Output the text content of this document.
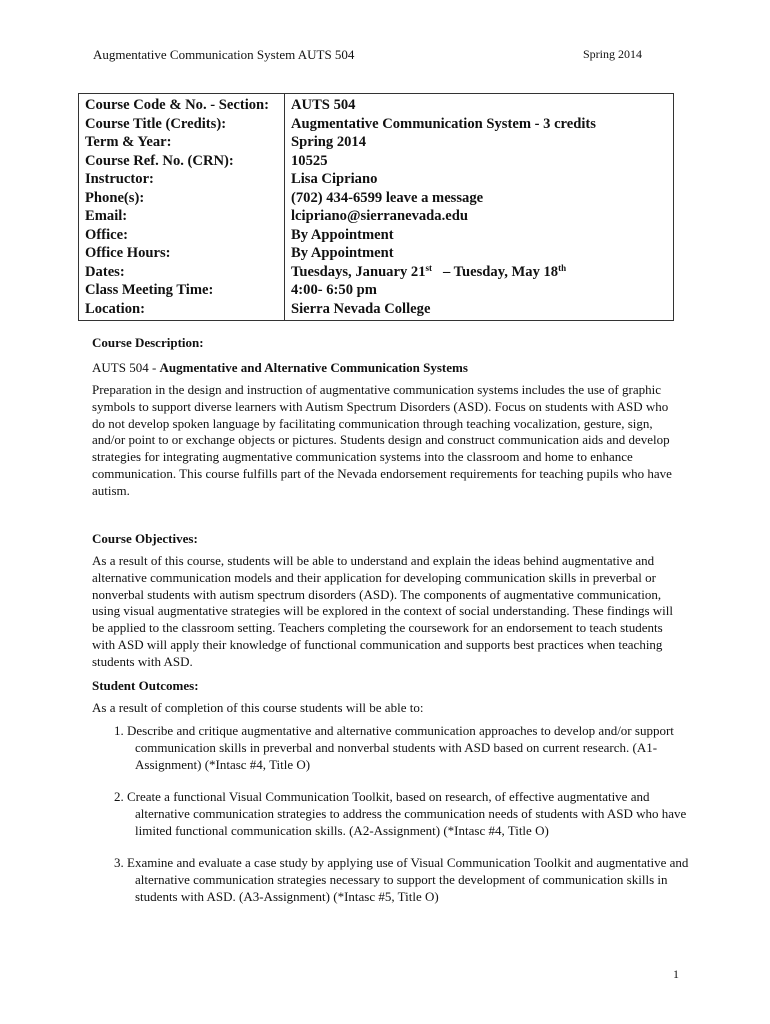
Augmentative Communication System AUTS 504	Spring 2014
Course Code & No. - Section:	AUTS 504
Course Title (Credits):	Augmentative Communication System - 3 credits
Term & Year:	Spring 2014
Course Ref. No. (CRN):	10525
Instructor:	Lisa Cipriano
Phone(s):	(702) 434-6599 leave a message
Email:	lcipriano@sierranevada.edu
Office:	By Appointment
Office Hours:	By Appointment
Dates:	Tuesdays, January 21st   – Tuesday, May 18th
Class Meeting Time:	4:00- 6:50 pm
Location:	Sierra Nevada College
Course Description:
AUTS 504 - Augmentative and Alternative Communication Systems
Preparation in the design and instruction of augmentative communication systems includes the use of graphic symbols to support diverse learners with Autism Spectrum Disorders (ASD). Focus on students with ASD who do not develop spoken language by facilitating communication through teaching vocalization, gesture, sign, and/or point to or exchange objects or pictures. Students design and construct communication aids and develop strategies for integrating augmentative communication systems into the classroom and home to enhance communication. This course fulfills part of the Nevada endorsement requirements for teaching pupils who have autism.
Course Objectives:
As a result of this course, students will be able to understand and explain the ideas behind augmentative and alternative communication models and their application for developing communication skills in preverbal or nonverbal students with autism spectrum disorders (ASD). The components of augmentative communication, using visual augmentative strategies will be explored in the context of social understanding. These findings will be applied to the classroom setting. Teachers completing the coursework for an endorsement to teach students with ASD will apply their knowledge of functional communication and supports best practices when teaching students with ASD.
Student Outcomes:
As a result of completion of this course students will be able to:
1. Describe and critique augmentative and alternative communication approaches to develop and/or support communication skills in preverbal and nonverbal students with ASD based on current research. (A1-Assignment) (*Intasc #4, Title O)
2. Create a functional Visual Communication Toolkit, based on research, of effective augmentative and alternative communication strategies to address the communication needs of students with ASD who have limited functional communication skills. (A2-Assignment) (*Intasc #4, Title O)
3. Examine and evaluate a case study by applying use of Visual Communication Toolkit and augmentative and alternative communication strategies necessary to support the development of communication skills in students with ASD. (A3-Assignment) (*Intasc #5, Title O)
1
